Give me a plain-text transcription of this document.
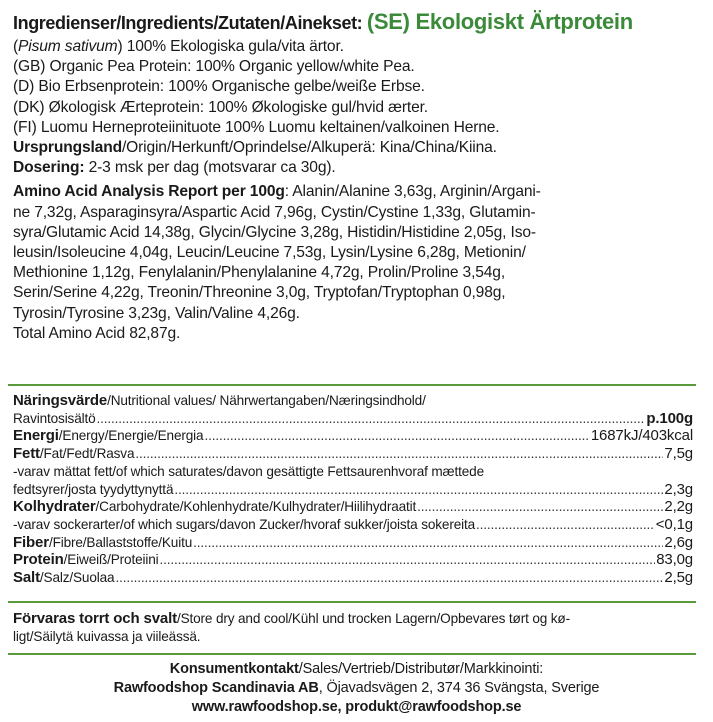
Ingredienser/Ingredients/Zutaten/Ainekset: (SE) Ekologiskt Ärtprotein
(Pisum sativum) 100% Ekologiska gula/vita ärtor.
(GB) Organic Pea Protein: 100% Organic yellow/white Pea.
(D) Bio Erbsenprotein: 100% Organische gelbe/weiße Erbse.
(DK) Økologisk Ærteprotein: 100% Økologiske gul/hvid ærter.
(FI) Luomu Herneproteiinituote 100% Luomu keltainen/valkoinen Herne.
Ursprungsland/Origin/Herkunft/Oprindelse/Alkuperä: Kina/China/Kiina.
Dosering: 2-3 msk per dag (motsvarar ca 30g).
Amino Acid Analysis Report per 100g: Alanin/Alanine 3,63g, Arginin/Argani-
ne 7,32g, Asparaginsyra/Aspartic Acid 7,96g, Cystin/Cystine 1,33g, Glutamin-
syra/Glutamic Acid 14,38g, Glycin/Glycine 3,28g, Histidin/Histidine 2,05g, Iso-
leusin/Isoleucine 4,04g, Leucin/Leucine 7,53g, Lysin/Lysine 6,28g, Metionin/
Methionine 1,12g, Fenylalanin/Phenylalanine 4,72g, Prolin/Proline 3,54g,
Serin/Serine 4,22g, Treonin/Threonine 3,0g, Tryptofan/Tryptophan 0,98g,
Tyrosin/Tyrosine 3,23g, Valin/Valine 4,26g.
Total Amino Acid 82,87g.
Näringsvärde/Nutritional values/ Nährwertangaben/Næringsindhold/
Ravintosisältö .....	p.100g
Energi/Energy/Energie/Energia .....	1687kJ/403kcal
Fett/Fat/Fedt/Rasva .....	7,5g
-varav mättat fett/of which saturates/davon gesättigte Fettsaurenhvoraf mættede
fedtsyrer/josta tyydyttynyttä .....	2,3g
Kolhydrater/Carbohydrate/Kohlenhydrate/Kulhydrater/Hiilihydraatit .....	2,2g
-varav sockerarter/of which sugars/davon Zucker/hvoraf sukker/joista sokereita .....	<0,1g
Fiber/Fibre/Ballaststoffe/Kuitu .....	2,6g
Protein/Eiweiß/Proteiini .....	83,0g
Salt/Salz/Suolaa .....	2,5g
Förvaras torrt och svalt/Store dry and cool/Kühl und trocken Lagern/Opbevares tørt og kø-
ligt/Säilytä kuivassa ja viileässä.
Konsumentkontakt/Sales/Vertrieb/Distributør/Markkinointi:
Rawfoodshop Scandinavia AB, Öjavadsvägen 2, 374 36 Svängsta, Sverige
www.rawfoodshop.se, produkt@rawfoodshop.se
